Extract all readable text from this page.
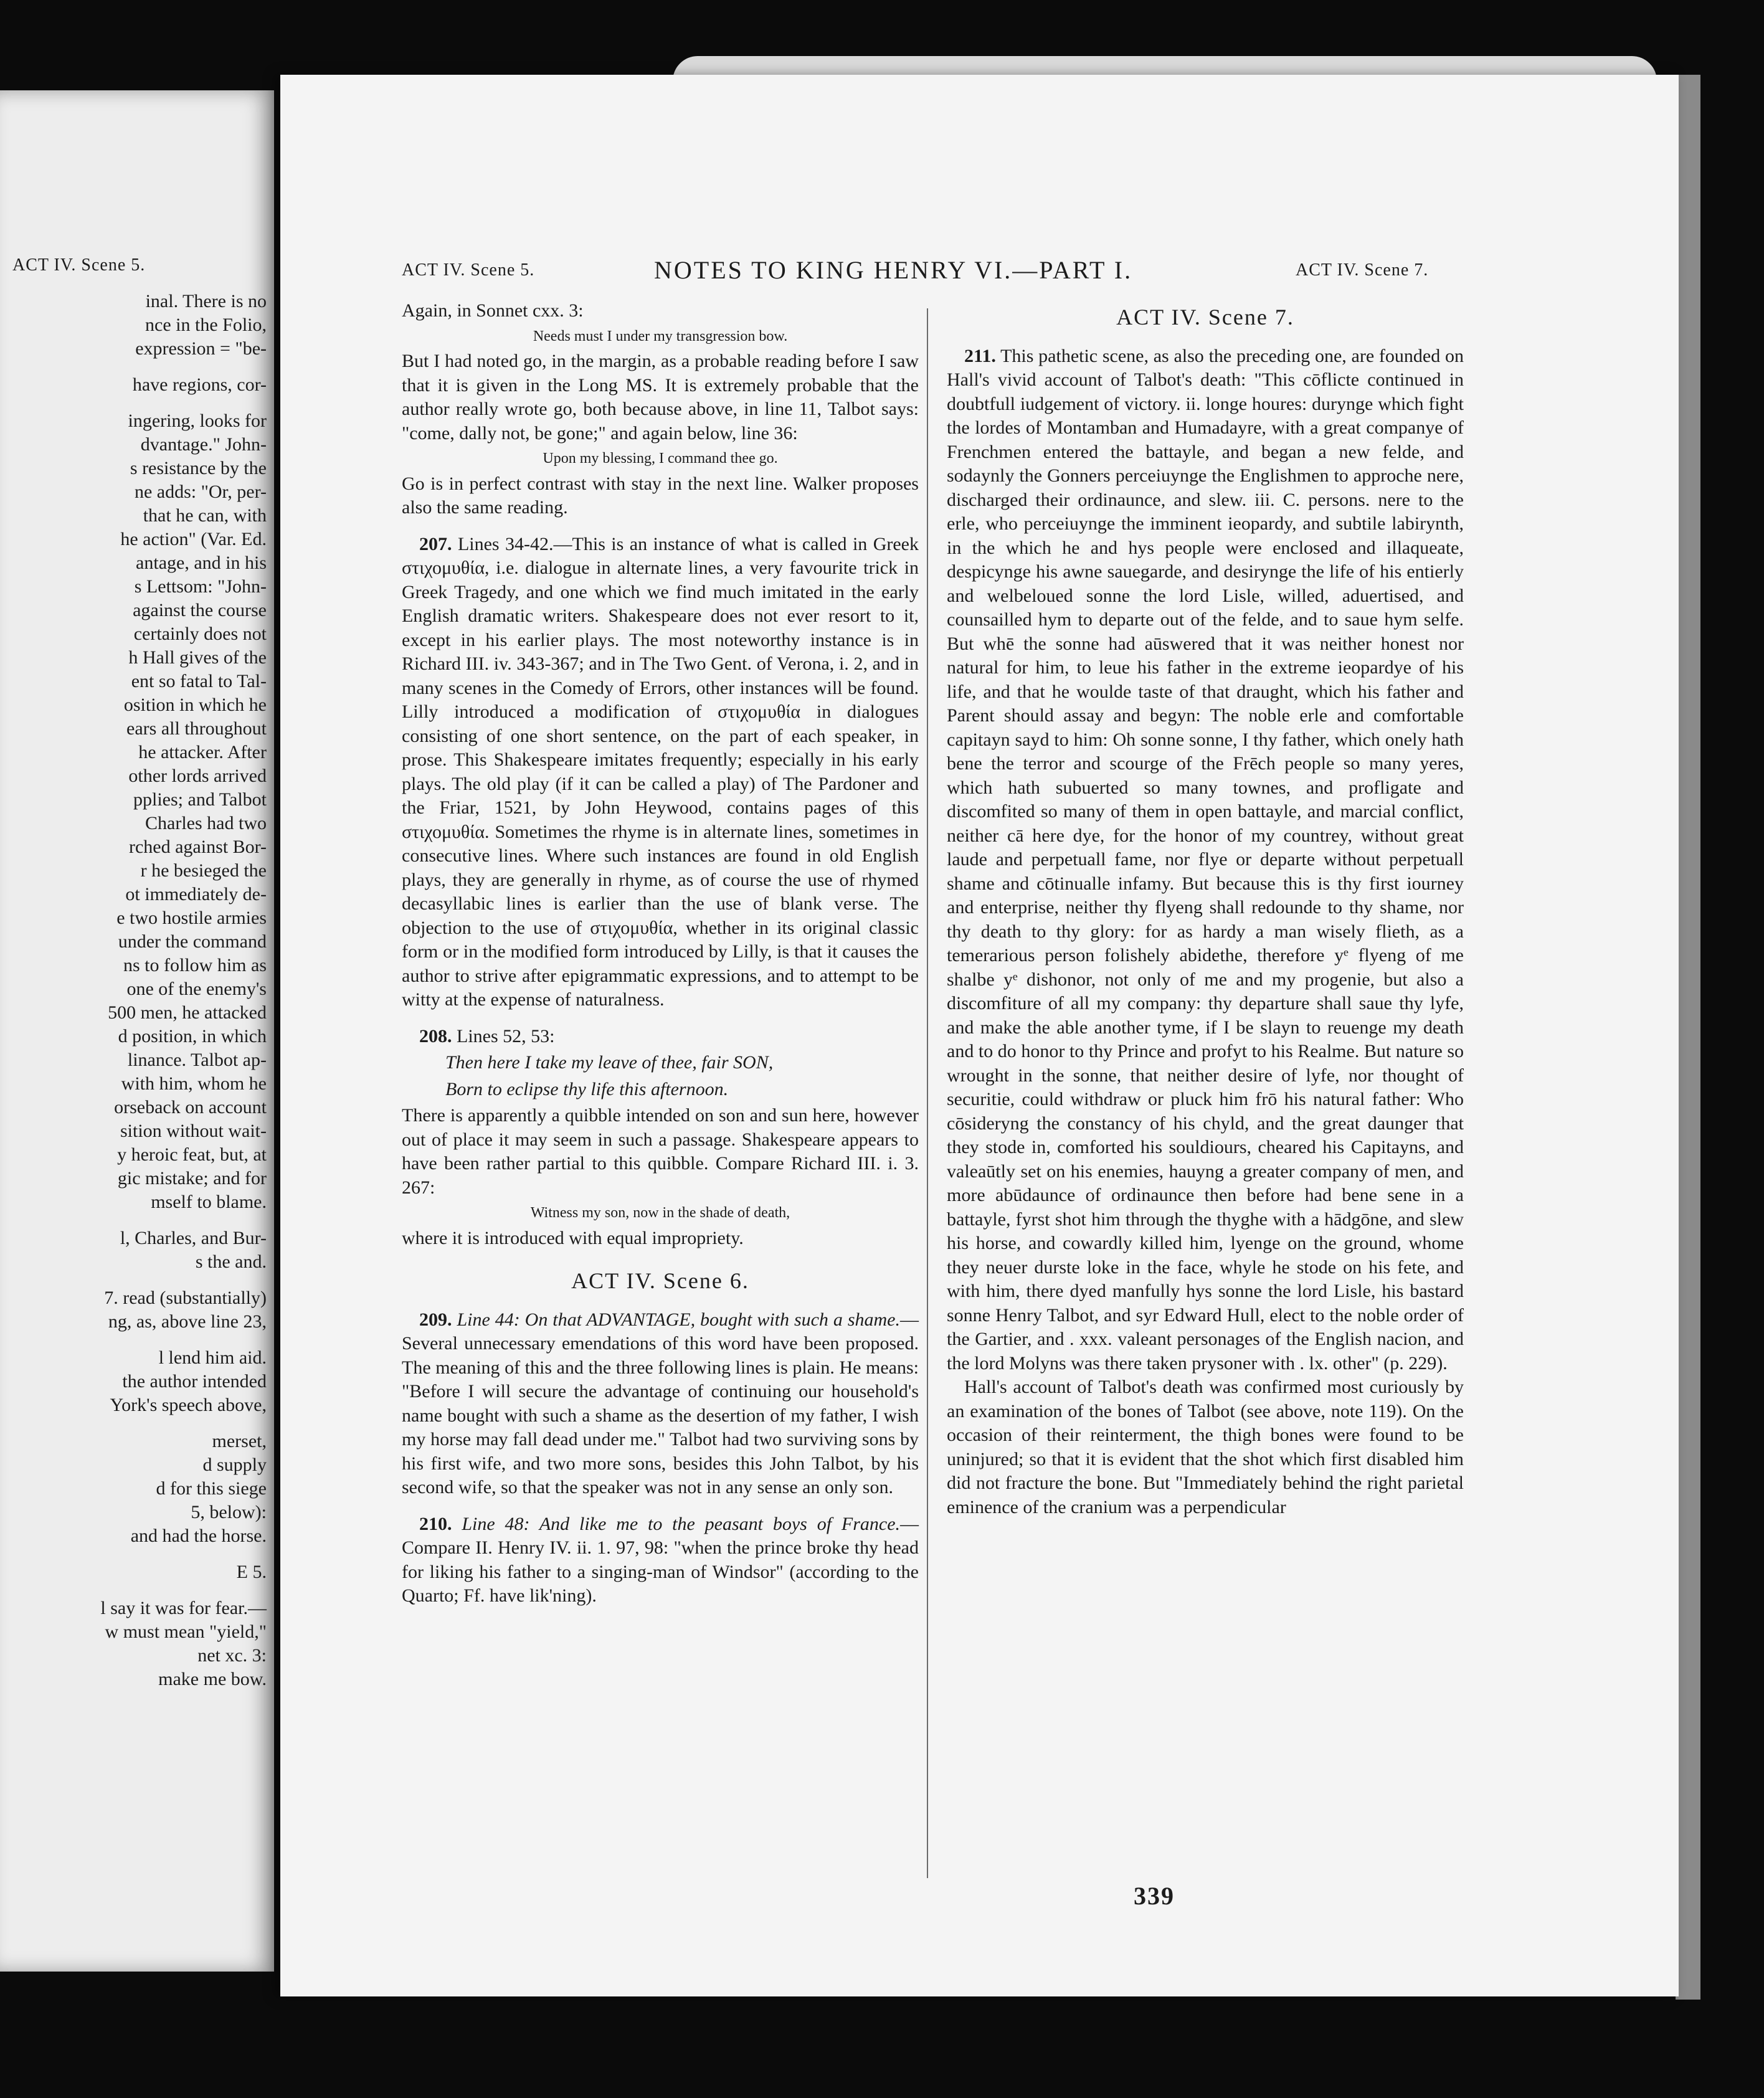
ACT IV. Scene 5.
inal. There is no
nce in the Folio,
expression = "be-
have regions, cor-
ingering, looks for
dvantage." John-
s resistance by the
ne adds: "Or, per-
that he can, with
he action" (Var. Ed.
antage, and in his
s Lettsom: "John-
against the course
certainly does not
h Hall gives of the
ent so fatal to Tal-
osition in which he
ears all throughout
he attacker. After
other lords arrived
pplies; and Talbot
Charles had two
rched against Bor-
r he besieged the
ot immediately de-
e two hostile armies
under the command
ns to follow him as
one of the enemy's
500 men, he attacked
d position, in which
linance. Talbot ap-
with him, whom he
orseback on account
sition without wait-
y heroic feat, but, at
gic mistake; and for
mself to blame.
l, Charles, and Bur-
s the and.
7. read (substantially)
ng, as, above line 23,
l lend him aid.
the author intended
York's speech above,
merset,
d supply
d for this siege
5, below):
and had the horse.
E 5.
l say it was for fear.—
w must mean "yield,"
net xc. 3:
make me bow.
ACT IV. Scene 5.	NOTES TO KING HENRY VI.—PART I.	ACT IV. Scene 7.

Again, in Sonnet cxx. 3:

Needs must I under my transgression bow.

But I had noted go, in the margin, as a probable reading before I saw that it is given in the Long MS. It is extremely probable that the author really wrote go, both because above, in line 11, Talbot says: "come, dally not, be gone;" and again below, line 36:

Upon my blessing, I command thee go.

Go is in perfect contrast with stay in the next line. Walker proposes also the same reading.

207. Lines 34-42.—This is an instance of what is called in Greek στιχομυθία, i.e. dialogue in alternate lines, a very favourite trick in Greek Tragedy, and one which we find much imitated in the early English dramatic writers. Shakespeare does not ever resort to it, except in his earlier plays. The most noteworthy instance is in Richard III. iv. 343-367; and in The Two Gent. of Verona, i. 2, and in many scenes in the Comedy of Errors, other instances will be found. Lilly introduced a modification of στιχομυθία in dialogues consisting of one short sentence, on the part of each speaker, in prose. This Shakespeare imitates frequently; especially in his early plays. The old play (if it can be called a play) of The Pardoner and the Friar, 1521, by John Heywood, contains pages of this στιχομυθία. Sometimes the rhyme is in alternate lines, sometimes in consecutive lines. Where such instances are found in old English plays, they are generally in rhyme, as of course the use of rhymed decasyllabic lines is earlier than the use of blank verse. The objection to the use of στιχομυθία, whether in its original classic form or in the modified form introduced by Lilly, is that it causes the author to strive after epigrammatic expressions, and to attempt to be witty at the expense of naturalness.

208. Lines 52, 53:

Then here I take my leave of thee, fair SON,
Born to eclipse thy life this afternoon.

There is apparently a quibble intended on son and sun here, however out of place it may seem in such a passage. Shakespeare appears to have been rather partial to this quibble. Compare Richard III. i. 3. 267:

Witness my son, now in the shade of death,

where it is introduced with equal impropriety.

ACT IV. Scene 6.

209. Line 44: On that ADVANTAGE, bought with such a shame.—Several unnecessary emendations of this word have been proposed. The meaning of this and the three following lines is plain. He means: "Before I will secure the advantage of continuing our household's name bought with such a shame as the desertion of my father, I wish my horse may fall dead under me." Talbot had two surviving sons by his first wife, and two more sons, besides this John Talbot, by his second wife, so that the speaker was not in any sense an only son.

210. Line 48: And like me to the peasant boys of France.—Compare II. Henry IV. ii. 1. 97, 98: "when the prince broke thy head for liking his father to a singing-man of Windsor" (according to the Quarto; Ff. have lik'ning).

ACT IV. Scene 7.

211. This pathetic scene, as also the preceding one, are founded on Hall's vivid account of Talbot's death: "This cōflicte continued in doubtfull iudgement of victory. ii. longe houres: durynge which fight the lordes of Montamban and Humadayre, with a great companye of Frenchmen entered the battayle, and began a new felde, and sodaynly the Gonners perceiuynge the Englishmen to approche nere, discharged their ordinaunce, and slew. iii. C. persons. nere to the erle, who perceiuynge the imminent ieopardy, and subtile labirynth, in the which he and hys people were enclosed and illaqueate, despicynge his awne sauegarde, and desirynge the life of his entierly and welbeloued sonne the lord Lisle, willed, aduertised, and counsailled hym to departe out of the felde, and to saue hym selfe. But whē the sonne had aūswered that it was neither honest nor natural for him, to leue his father in the extreme ieopardye of his life, and that he woulde taste of that draught, which his father and Parent should assay and begyn: The noble erle and comfortable capitayn sayd to him: Oh sonne sonne, I thy father, which onely hath bene the terror and scourge of the Frēch people so many yeres, which hath subuerted so many townes, and profligate and discomfited so many of them in open battayle, and marcial conflict, neither cā here dye, for the honor of my countrey, without great laude and perpetuall fame, nor flye or departe without perpetuall shame and cōtinualle infamy. But because this is thy first iourney and enterprise, neither thy flyeng shall redounde to thy shame, nor thy death to thy glory: for as hardy a man wisely flieth, as a temerarious person folishely abidethe, therefore yᵉ flyeng of me shalbe yᵉ dishonor, not only of me and my progenie, but also a discomfiture of all my company: thy departure shall saue thy lyfe, and make the able another tyme, if I be slayn to reuenge my death and to do honor to thy Prince and profyt to his Realme. But nature so wrought in the sonne, that neither desire of lyfe, nor thought of securitie, could withdraw or pluck him frō his natural father: Who cōsideryng the constancy of his chyld, and the great daunger that they stode in, comforted his souldiours, cheared his Capitayns, and valeaūtly set on his enemies, hauyng a greater company of men, and more abūdaunce of ordinaunce then before had bene sene in a battayle, fyrst shot him through the thyghe with a hādgōne, and slew his horse, and cowardly killed him, lyenge on the ground, whome they neuer durste loke in the face, whyle he stode on his fete, and with him, there dyed manfully hys sonne the lord Lisle, his bastard sonne Henry Talbot, and syr Edward Hull, elect to the noble order of the Gartier, and . xxx. valeant personages of the English nacion, and the lord Molyns was there taken prysoner with . lx. other" (p. 229).

Hall's account of Talbot's death was confirmed most curiously by an examination of the bones of Talbot (see above, note 119). On the occasion of their reinterment, the thigh bones were found to be uninjured; so that it is evident that the shot which first disabled him did not fracture the bone. But "Immediately behind the right parietal eminence of the cranium was a perpendicular

339
